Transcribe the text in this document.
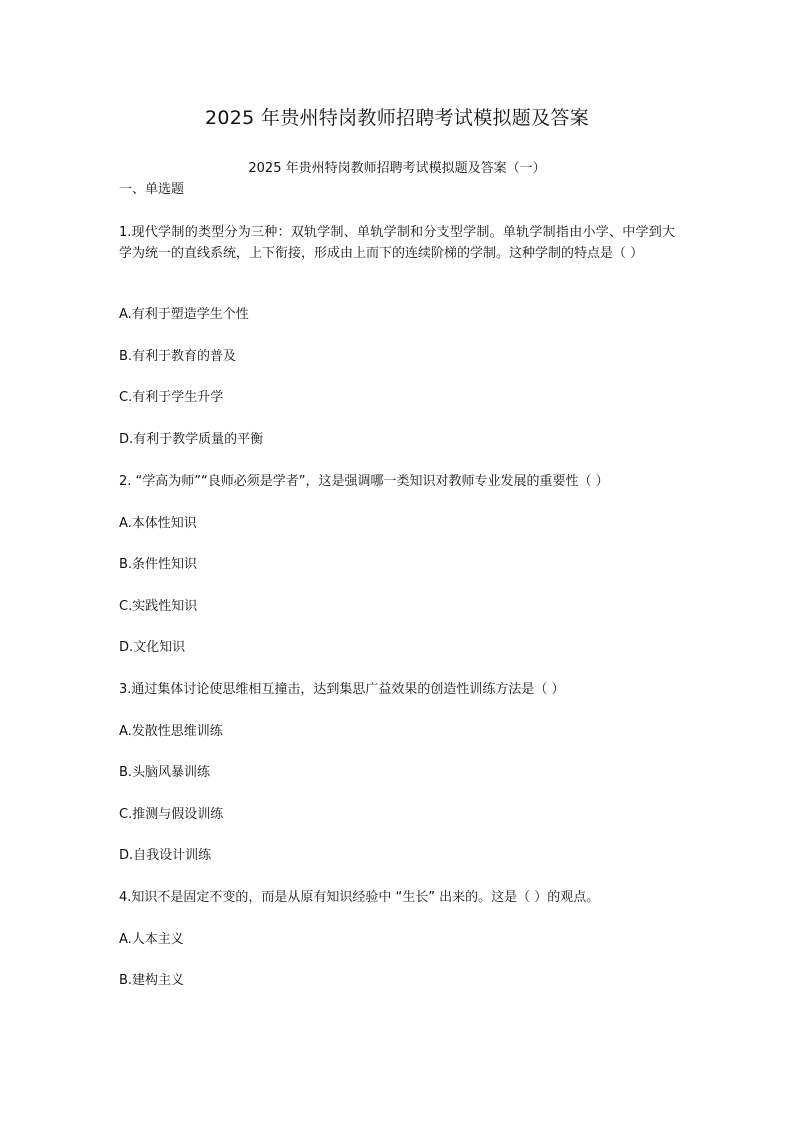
2025 年贵州特岗教师招聘考试模拟题及答案
2025 年贵州特岗教师招聘考试模拟题及答案（一）
一、单选题
1.现代学制的类型分为三种：双轨学制、单轨学制和分支型学制。单轨学制指由小学、中学到大学为统一的直线系统，上下衔接，形成由上而下的连续阶梯的学制。这种学制的特点是（ ）
A.有利于塑造学生个性
B.有利于教育的普及
C.有利于学生升学
D.有利于教学质量的平衡
2. “学高为师”“良师必须是学者”，这是强调哪一类知识对教师专业发展的重要性（ ）
A.本体性知识
B.条件性知识
C.实践性知识
D.文化知识
3.通过集体讨论使思维相互撞击，达到集思广益效果的创造性训练方法是（ ）
A.发散性思维训练
B.头脑风暴训练
C.推测与假设训练
D.自我设计训练
4.知识不是固定不变的，而是从原有知识经验中 “生长” 出来的。这是（ ）的观点。
A.人本主义
B.建构主义
